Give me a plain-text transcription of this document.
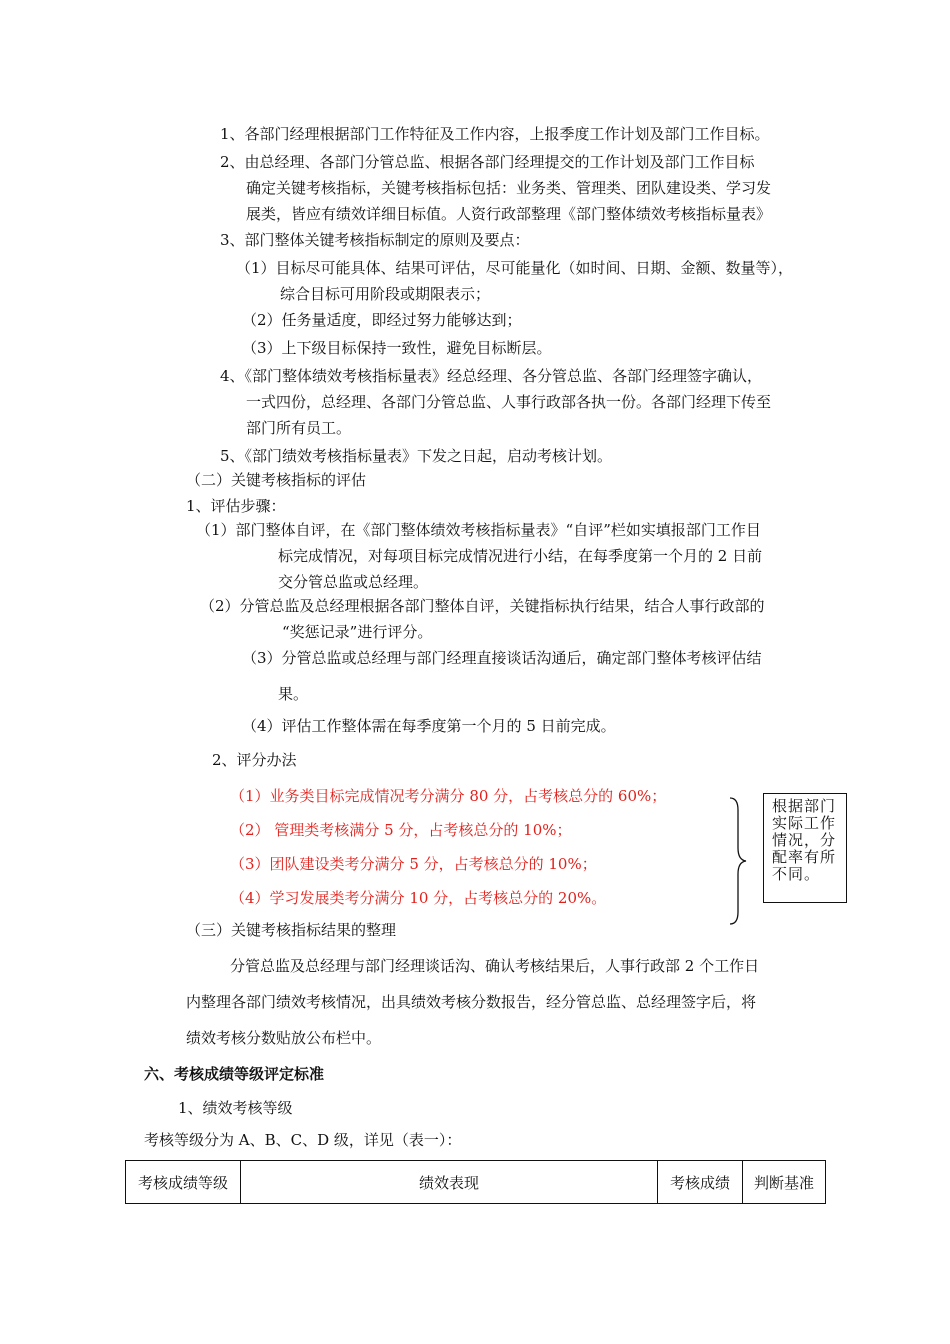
1、各部门经理根据部门工作特征及工作内容，上报季度工作计划及部门工作目标。
2、由总经理、各部门分管总监、根据各部门经理提交的工作计划及部门工作目标
确定关键考核指标，关键考核指标包括：业务类、管理类、团队建设类、学习发
展类，皆应有绩效详细目标值。人资行政部整理《部门整体绩效考核指标量表》
3、部门整体关键考核指标制定的原则及要点：
（1）目标尽可能具体、结果可评估，尽可能量化（如时间、日期、金额、数量等），
综合目标可用阶段或期限表示；
（2）任务量适度，即经过努力能够达到；
（3）上下级目标保持一致性，避免目标断层。
4、《部门整体绩效考核指标量表》经总经理、各分管总监、各部门经理签字确认，
一式四份，总经理、各部门分管总监、人事行政部各执一份。各部门经理下传至
部门所有员工。
5、《部门绩效考核指标量表》下发之日起，启动考核计划。
（二）关键考核指标的评估
1、评估步骤：
（1）部门整体自评，在《部门整体绩效考核指标量表》“自评”栏如实填报部门工作目
标完成情况，对每项目标完成情况进行小结，在每季度第一个月的 2 日前
交分管总监或总经理。
（2）分管总监及总经理根据各部门整体自评，关键指标执行结果，结合人事行政部的
“奖惩记录”进行评分。
（3）分管总监或总经理与部门经理直接谈话沟通后，确定部门整体考核评估结
果。
（4）评估工作整体需在每季度第一个月的 5 日前完成。
2、评分办法
（1）业务类目标完成情况考分满分 80 分，占考核总分的 60%；
（2） 管理类考核满分 5 分，占考核总分的 10%；
（3）团队建设类考分满分 5 分，占考核总分的 10%；
（4）学习发展类考分满分 10 分，占考核总分的 20%。
根据部门实际工作情况，分配率有所不同。
（三）关键考核指标结果的整理
分管总监及总经理与部门经理谈话沟、确认考核结果后，人事行政部 2 个工作日
内整理各部门绩效考核情况，出具绩效考核分数报告，经分管总监、总经理签字后，将
绩效考核分数贴放公布栏中。
六、考核成绩等级评定标准
1、绩效考核等级
考核等级分为 A、B、C、D 级，详见（表一）：
考核成绩等级	绩效表现	考核成绩	判断基准
